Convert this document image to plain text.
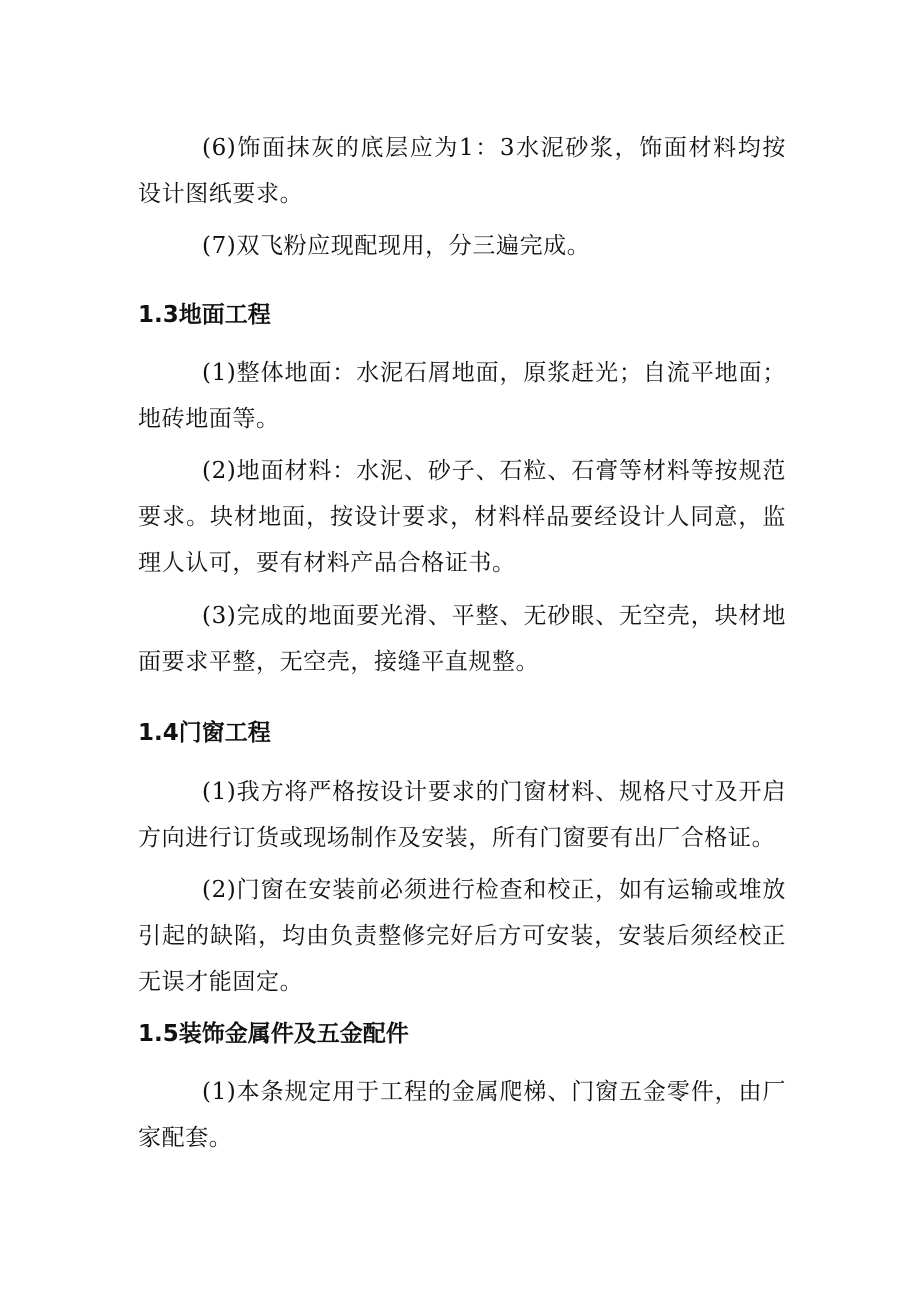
(6)饰面抹灰的底层应为1：3水泥砂浆，饰面材料均按设计图纸要求。

(7)双飞粉应现配现用，分三遍完成。

1.3地面工程

(1)整体地面：水泥石屑地面，原浆赶光；自流平地面；地砖地面等。

(2)地面材料：水泥、砂子、石粒、石膏等材料等按规范要求。块材地面，按设计要求，材料样品要经设计人同意，监理人认可，要有材料产品合格证书。

(3)完成的地面要光滑、平整、无砂眼、无空壳，块材地面要求平整，无空壳，接缝平直规整。

1.4门窗工程

(1)我方将严格按设计要求的门窗材料、规格尺寸及开启方向进行订货或现场制作及安装，所有门窗要有出厂合格证。

(2)门窗在安装前必须进行检查和校正，如有运输或堆放引起的缺陷，均由负责整修完好后方可安装，安装后须经校正无误才能固定。

1.5装饰金属件及五金配件

(1)本条规定用于工程的金属爬梯、门窗五金零件，由厂家配套。
